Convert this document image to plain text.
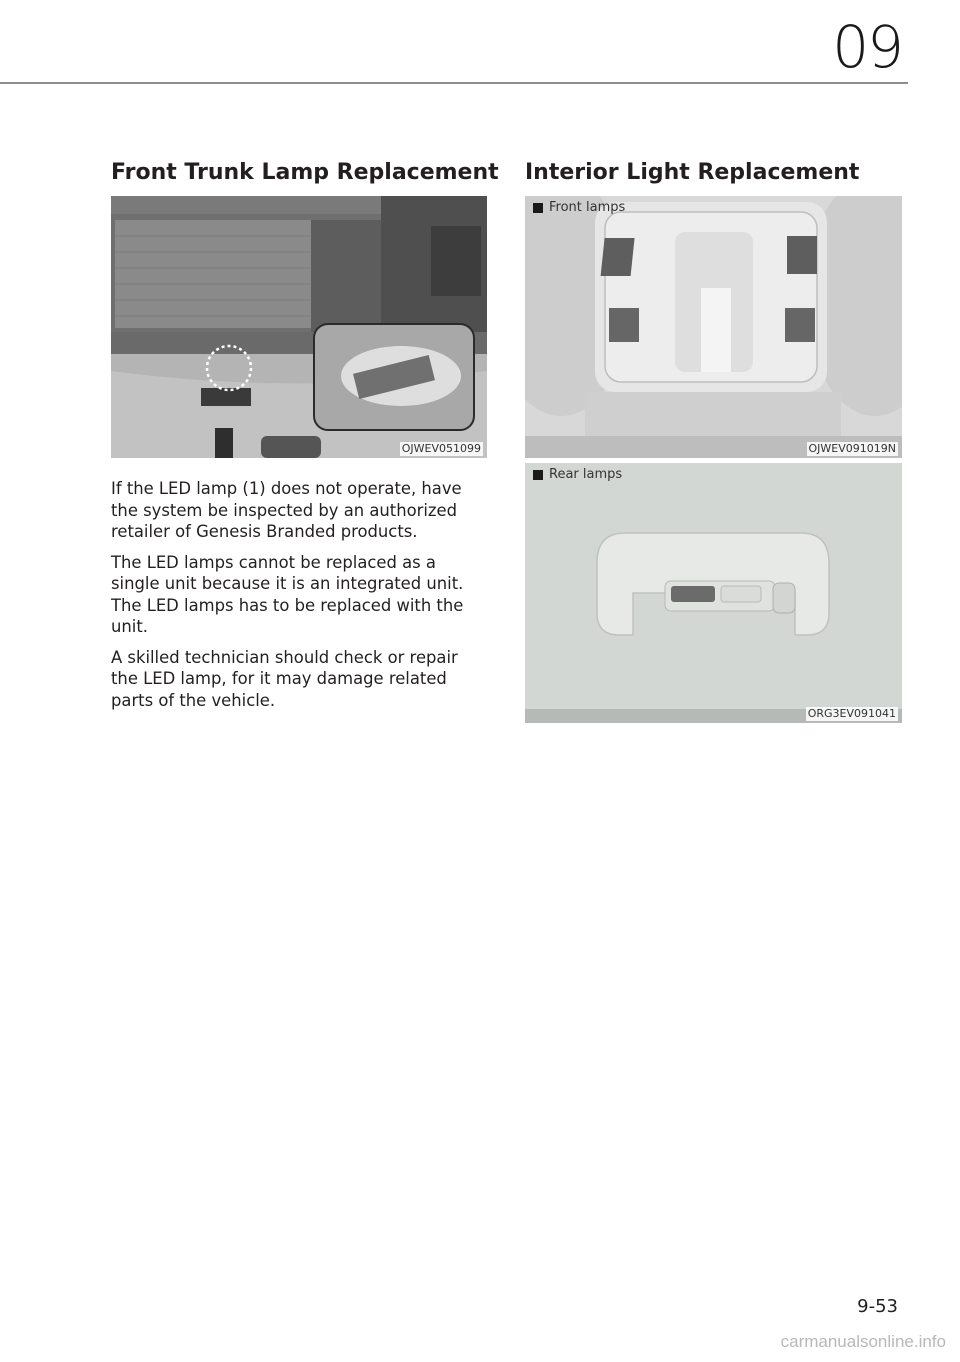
09
Front Trunk Lamp Replacement
OJWEV051099

If the LED lamp (1) does not operate, have the system be inspected by an authorized retailer of Genesis Branded products.

The LED lamps cannot be replaced as a single unit because it is an integrated unit. The LED lamps has to be replaced with the unit.

A skilled technician should check or repair the LED lamp, for it may damage related parts of the vehicle.

Interior Light Replacement
Front lamps
OJWEV091019N
Rear lamps
ORG3EV091041
9-53
carmanualsonline.info
